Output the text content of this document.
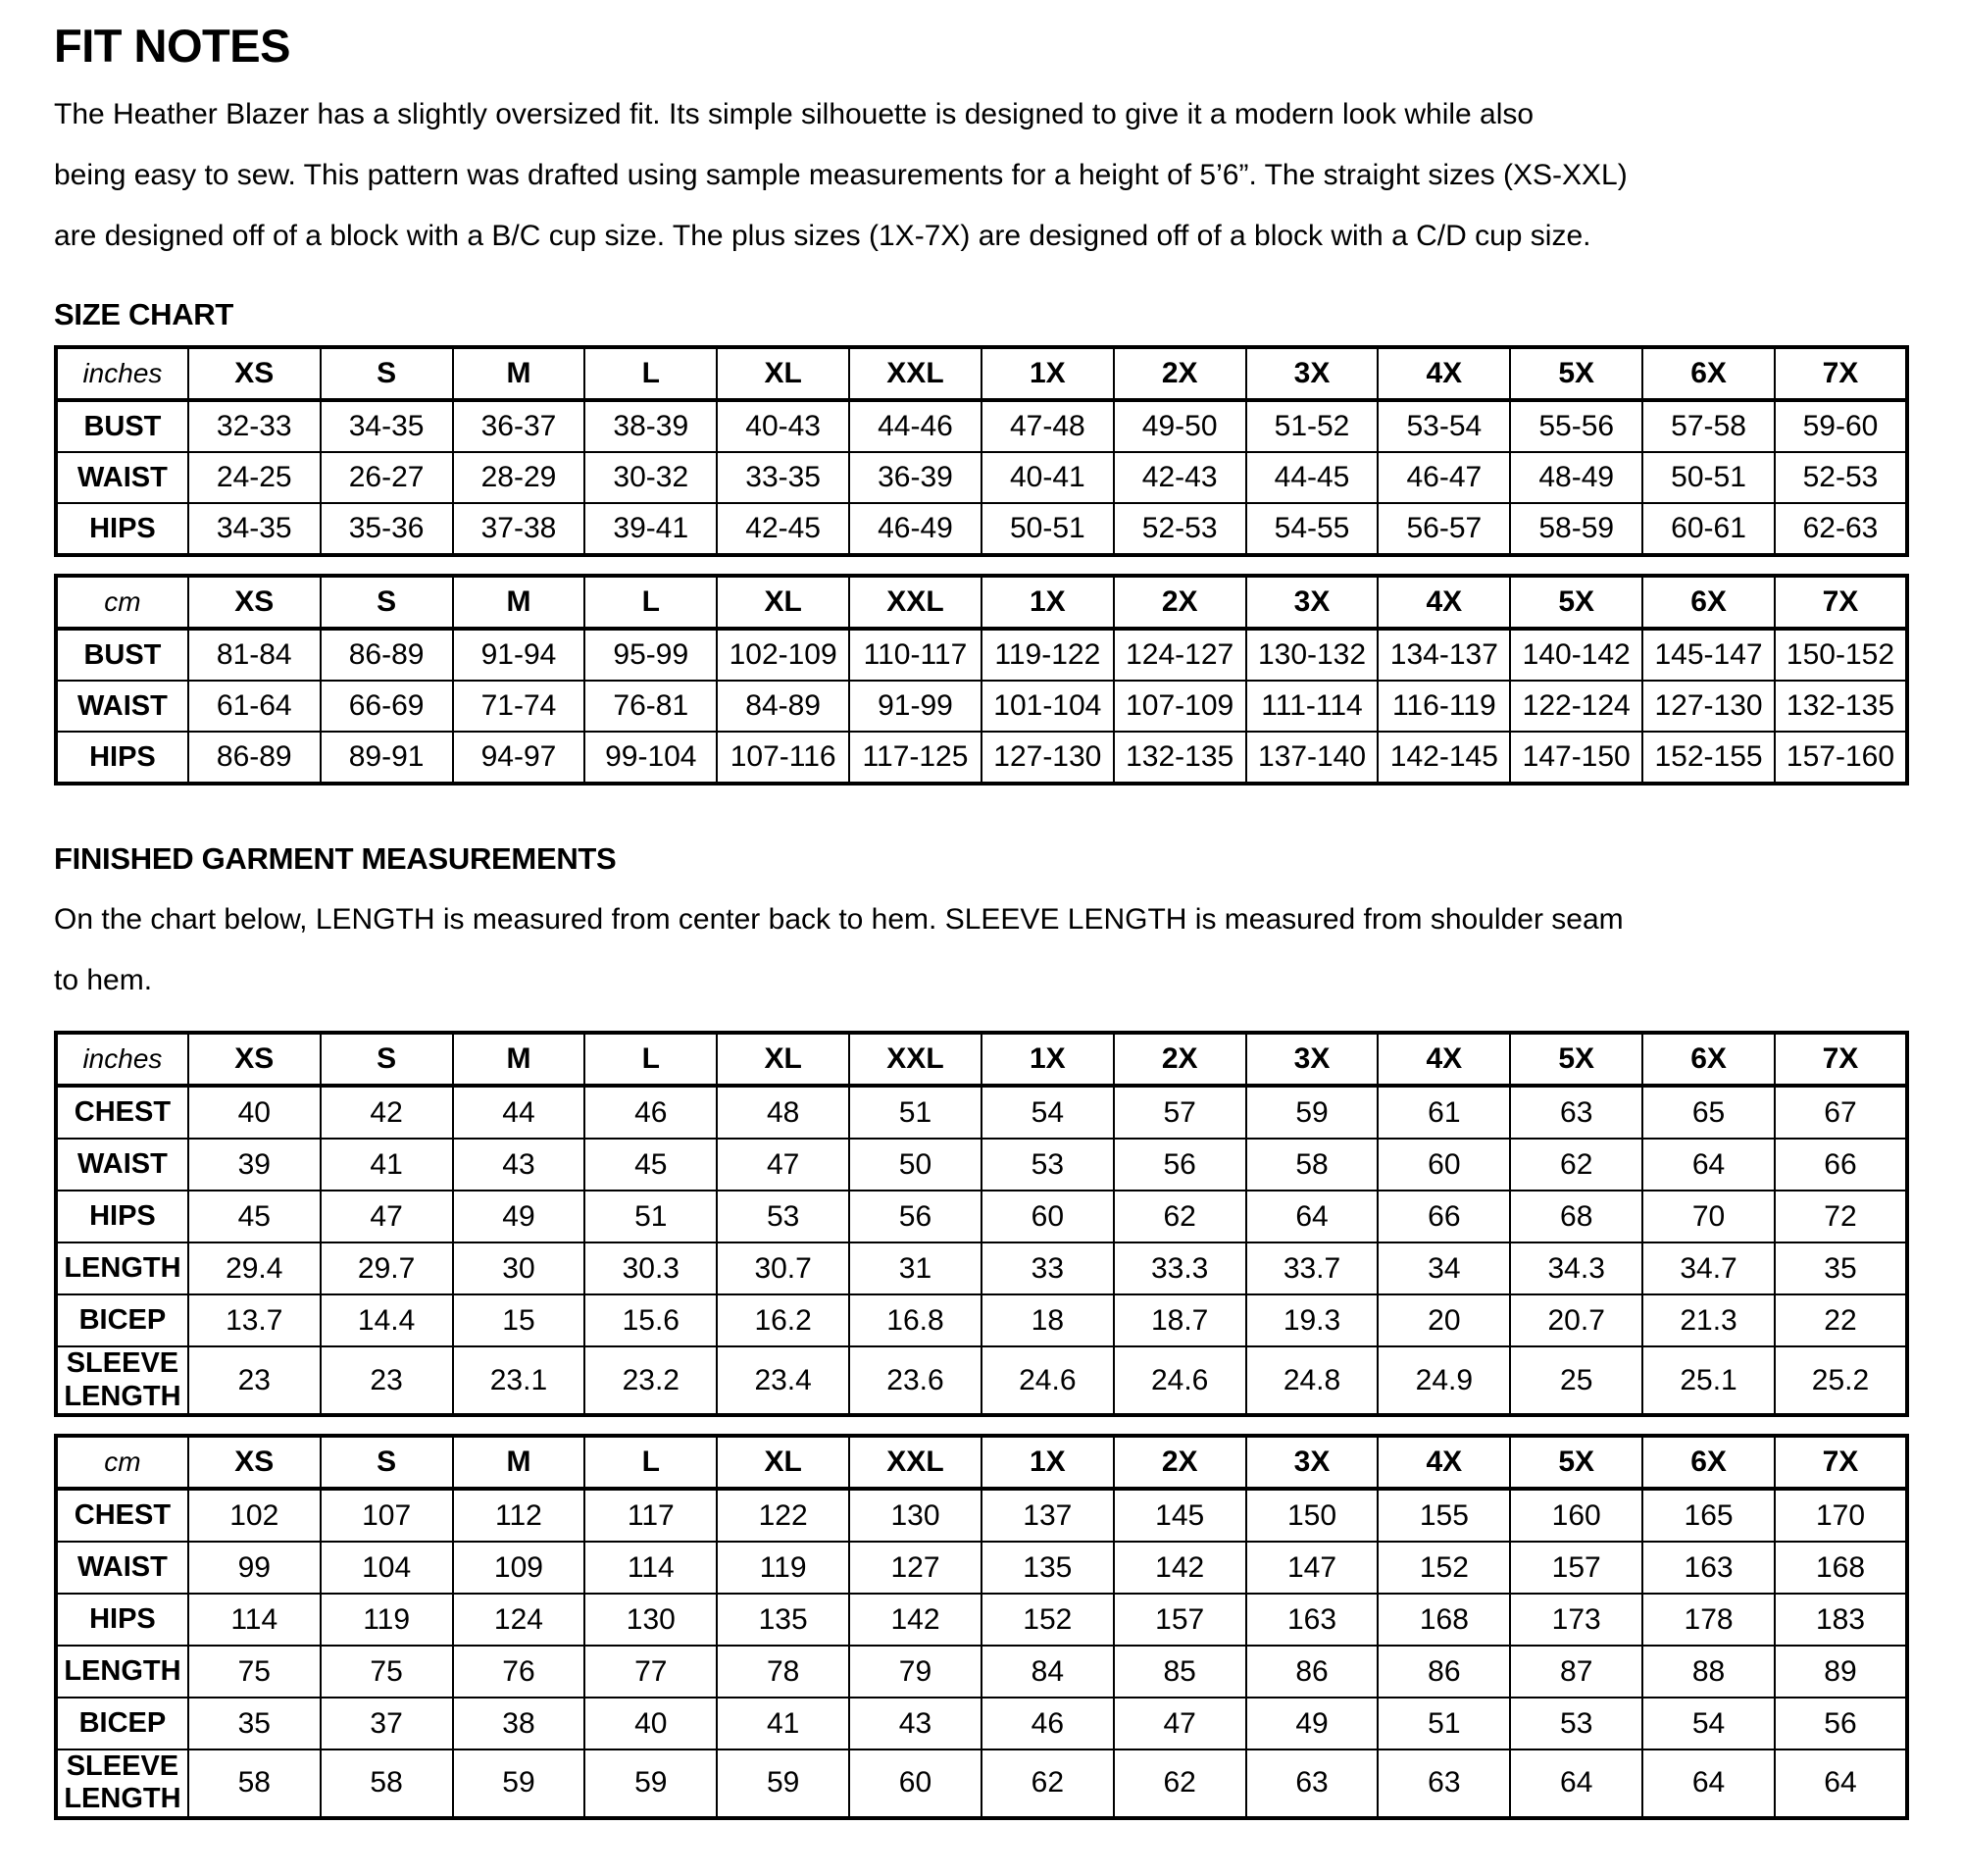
FIT NOTES

The Heather Blazer has a slightly oversized fit. Its simple silhouette is designed to give it a modern look while also
being easy to sew. This pattern was drafted using sample measurements for a height of 5’6”. The straight sizes (XS-XXL)
are designed off of a block with a B/C cup size. The plus sizes (1X-7X) are designed off of a block with a C/D cup size.

SIZE CHART
inches	XS	S	M	L	XL	XXL	1X	2X	3X	4X	5X	6X	7X
BUST	32-33	34-35	36-37	38-39	40-43	44-46	47-48	49-50	51-52	53-54	55-56	57-58	59-60
WAIST	24-25	26-27	28-29	30-32	33-35	36-39	40-41	42-43	44-45	46-47	48-49	50-51	52-53
HIPS	34-35	35-36	37-38	39-41	42-45	46-49	50-51	52-53	54-55	56-57	58-59	60-61	62-63
cm	XS	S	M	L	XL	XXL	1X	2X	3X	4X	5X	6X	7X
BUST	81-84	86-89	91-94	95-99	102-109	110-117	119-122	124-127	130-132	134-137	140-142	145-147	150-152
WAIST	61-64	66-69	71-74	76-81	84-89	91-99	101-104	107-109	111-114	116-119	122-124	127-130	132-135
HIPS	86-89	89-91	94-97	99-104	107-116	117-125	127-130	132-135	137-140	142-145	147-150	152-155	157-160
FINISHED GARMENT MEASUREMENTS

On the chart below, LENGTH is measured from center back to hem. SLEEVE LENGTH is measured from shoulder seam
to hem.

inches	XS	S	M	L	XL	XXL	1X	2X	3X	4X	5X	6X	7X
CHEST	40	42	44	46	48	51	54	57	59	61	63	65	67
WAIST	39	41	43	45	47	50	53	56	58	60	62	64	66
HIPS	45	47	49	51	53	56	60	62	64	66	68	70	72
LENGTH	29.4	29.7	30	30.3	30.7	31	33	33.3	33.7	34	34.3	34.7	35
BICEP	13.7	14.4	15	15.6	16.2	16.8	18	18.7	19.3	20	20.7	21.3	22
SLEEVE LENGTH	23	23	23.1	23.2	23.4	23.6	24.6	24.6	24.8	24.9	25	25.1	25.2
cm	XS	S	M	L	XL	XXL	1X	2X	3X	4X	5X	6X	7X
CHEST	102	107	112	117	122	130	137	145	150	155	160	165	170
WAIST	99	104	109	114	119	127	135	142	147	152	157	163	168
HIPS	114	119	124	130	135	142	152	157	163	168	173	178	183
LENGTH	75	75	76	77	78	79	84	85	86	86	87	88	89
BICEP	35	37	38	40	41	43	46	47	49	51	53	54	56
SLEEVE LENGTH	58	58	59	59	59	60	62	62	63	63	64	64	64
